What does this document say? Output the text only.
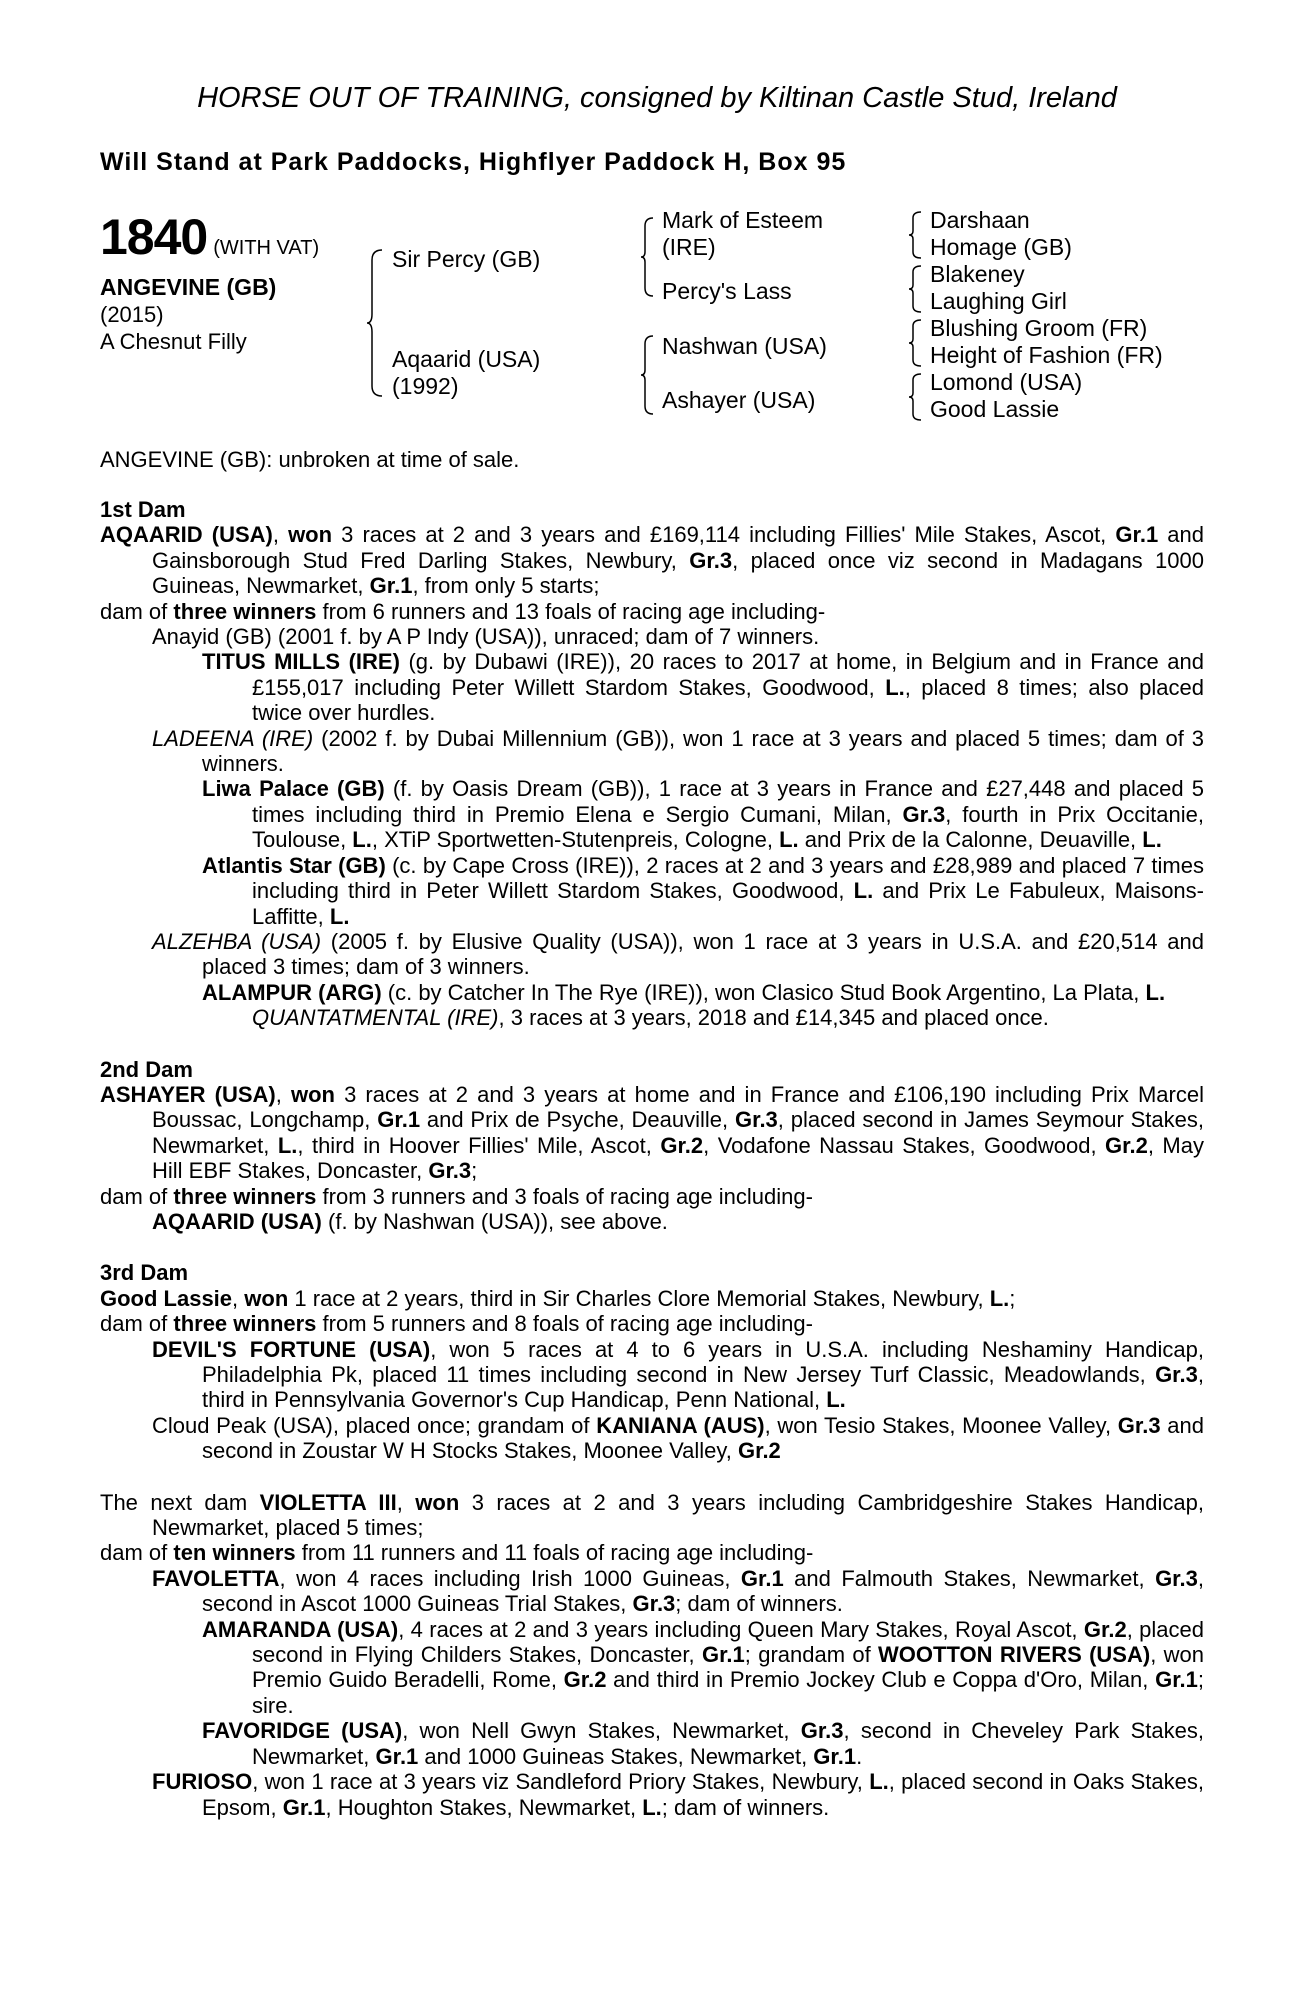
HORSE OUT OF TRAINING, consigned by Kiltinan Castle Stud, Ireland
Will Stand at Park Paddocks, Highflyer Paddock H, Box 95
1840 (WITH VAT)
ANGEVINE (GB)
(2015)
A Chesnut Filly
Sir Percy (GB)
Aqaarid (USA)
(1992)
Mark of Esteem
(IRE)
Percy's Lass
Nashwan (USA)
Ashayer (USA)
Darshaan
Homage (GB)
Blakeney
Laughing Girl
Blushing Groom (FR)
Height of Fashion (FR)
Lomond (USA)
Good Lassie
ANGEVINE (GB): unbroken at time of sale.

1st Dam

AQAARID (USA), won 3 races at 2 and 3 years and £169,114 including Fillies' Mile Stakes, Ascot, Gr.1 and Gainsborough Stud Fred Darling Stakes, Newbury, Gr.3, placed once viz second in Madagans 1000 Guineas, Newmarket, Gr.1, from only 5 starts;

dam of three winners from 6 runners and 13 foals of racing age including-

Anayid (GB) (2001 f. by A P Indy (USA)), unraced; dam of 7 winners.

TITUS MILLS (IRE) (g. by Dubawi (IRE)), 20 races to 2017 at home, in Belgium and in France and £155,017 including Peter Willett Stardom Stakes, Goodwood, L., placed 8 times; also placed twice over hurdles.

LADEENA (IRE) (2002 f. by Dubai Millennium (GB)), won 1 race at 3 years and placed 5 times; dam of 3 winners.

Liwa Palace (GB) (f. by Oasis Dream (GB)), 1 race at 3 years in France and £27,448 and placed 5 times including third in Premio Elena e Sergio Cumani, Milan, Gr.3, fourth in Prix Occitanie, Toulouse, L., XTiP Sportwetten-Stutenpreis, Cologne, L. and Prix de la Calonne, Deuaville, L.

Atlantis Star (GB) (c. by Cape Cross (IRE)), 2 races at 2 and 3 years and £28,989 and placed 7 times including third in Peter Willett Stardom Stakes, Goodwood, L. and Prix Le Fabuleux, Maisons-Laffitte, L.

ALZEHBA (USA) (2005 f. by Elusive Quality (USA)), won 1 race at 3 years in U.S.A. and £20,514 and placed 3 times; dam of 3 winners.

ALAMPUR (ARG) (c. by Catcher In The Rye (IRE)), won Clasico Stud Book Argentino, La Plata, L.

QUANTATMENTAL (IRE), 3 races at 3 years, 2018 and £14,345 and placed once.

2nd Dam

ASHAYER (USA), won 3 races at 2 and 3 years at home and in France and £106,190 including Prix Marcel Boussac, Longchamp, Gr.1 and Prix de Psyche, Deauville, Gr.3, placed second in James Seymour Stakes, Newmarket, L., third in Hoover Fillies' Mile, Ascot, Gr.2, Vodafone Nassau Stakes, Goodwood, Gr.2, May Hill EBF Stakes, Doncaster, Gr.3;

dam of three winners from 3 runners and 3 foals of racing age including-

AQAARID (USA) (f. by Nashwan (USA)), see above.

3rd Dam

Good Lassie, won 1 race at 2 years, third in Sir Charles Clore Memorial Stakes, Newbury, L.;

dam of three winners from 5 runners and 8 foals of racing age including-

DEVIL'S FORTUNE (USA), won 5 races at 4 to 6 years in U.S.A. including Neshaminy Handicap, Philadelphia Pk, placed 11 times including second in New Jersey Turf Classic, Meadowlands, Gr.3, third in Pennsylvania Governor's Cup Handicap, Penn National, L.

Cloud Peak (USA), placed once; grandam of KANIANA (AUS), won Tesio Stakes, Moonee Valley, Gr.3 and second in Zoustar W H Stocks Stakes, Moonee Valley, Gr.2

The next dam VIOLETTA III, won 3 races at 2 and 3 years including Cambridgeshire Stakes Handicap, Newmarket, placed 5 times;

dam of ten winners from 11 runners and 11 foals of racing age including-

FAVOLETTA, won 4 races including Irish 1000 Guineas, Gr.1 and Falmouth Stakes, Newmarket, Gr.3, second in Ascot 1000 Guineas Trial Stakes, Gr.3; dam of winners.

AMARANDA (USA), 4 races at 2 and 3 years including Queen Mary Stakes, Royal Ascot, Gr.2, placed second in Flying Childers Stakes, Doncaster, Gr.1; grandam of WOOTTON RIVERS (USA), won Premio Guido Beradelli, Rome, Gr.2 and third in Premio Jockey Club e Coppa d'Oro, Milan, Gr.1; sire.

FAVORIDGE (USA), won Nell Gwyn Stakes, Newmarket, Gr.3, second in Cheveley Park Stakes, Newmarket, Gr.1 and 1000 Guineas Stakes, Newmarket, Gr.1.

FURIOSO, won 1 race at 3 years viz Sandleford Priory Stakes, Newbury, L., placed second in Oaks Stakes, Epsom, Gr.1, Houghton Stakes, Newmarket, L.; dam of winners.
